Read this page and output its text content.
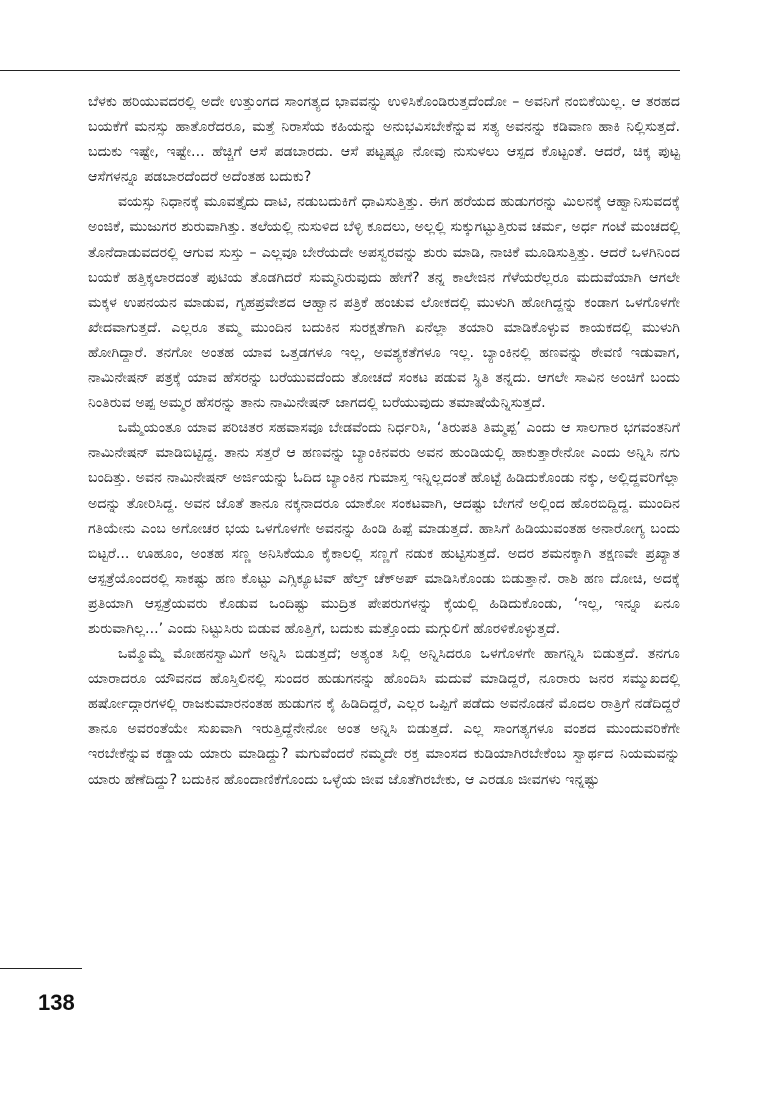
ಬೆಳಕು ಹರಿಯುವದರಲ್ಲಿ ಅದೇ ಉತ್ತುಂಗದ ಸಾಂಗತ್ಯದ ಭಾವವನ್ನು ಉಳಿಸಿಕೊಂಡಿರುತ್ತದೆಂದೋ – ಅವನಿಗೆ ನಂಬಿಕೆಯಿಲ್ಲ. ಆ ತರಹದ ಬಯಕೆಗೆ ಮನಸ್ಸು ಹಾತೊರೆದರೂ, ಮತ್ತೆ ನಿರಾಸೆಯ ಕಹಿಯನ್ನು ಅನುಭವಿಸಬೇಕೆನ್ನುವ ಸತ್ಯ ಅವನನ್ನು ಕಡಿವಾಣ ಹಾಕಿ ನಿಲ್ಲಿಸುತ್ತದೆ. ಬದುಕು ಇಷ್ಟೇ, ಇಷ್ಟೇ... ಹೆಚ್ಚಿಗೆ ಆಸೆ ಪಡಬಾರದು. ಆಸೆ ಪಟ್ಟಷ್ಟೂ ನೋವು ನುಸುಳಲು ಆಸ್ಪದ ಕೊಟ್ಟಂತೆ. ಆದರೆ, ಚಿಕ್ಕ ಪುಟ್ಟ ಆಸೆಗಳನ್ನೂ ಪಡಬಾರದೆಂದರೆ ಅದೆಂತಹ ಬದುಕು?

ವಯಸ್ಸು ನಿಧಾನಕ್ಕೆ ಮೂವತ್ತೈದು ದಾಟಿ, ನಡುಬದುಕಿಗೆ ಧಾವಿಸುತ್ತಿತ್ತು. ಈಗ ಹರೆಯದ ಹುಡುಗರನ್ನು ಮಿಲನಕ್ಕೆ ಆಹ್ವಾನಿಸುವದಕ್ಕೆ ಅಂಜಿಕೆ, ಮುಜುಗರ ಶುರುವಾಗಿತ್ತು. ತಲೆಯಲ್ಲಿ ನುಸುಳಿದ ಬೆಳ್ಳಿ ಕೂದಲು, ಅಲ್ಲಲ್ಲಿ ಸುಕ್ಕುಗಟ್ಟುತ್ತಿರುವ ಚರ್ಮ, ಅರ್ಧ ಗಂಟೆ ಮಂಚದಲ್ಲಿ ತೊನೆದಾಡುವದರಲ್ಲಿ ಆಗುವ ಸುಸ್ತು – ಎಲ್ಲವೂ ಬೇರೆಯದೇ ಅಪಸ್ವರವನ್ನು ಶುರು ಮಾಡಿ, ನಾಚಿಕೆ ಮೂಡಿಸುತ್ತಿತ್ತು. ಆದರೆ ಒಳಗಿನಿಂದ ಬಯಕೆ ಹತ್ತಿಕ್ಕಲಾರದಂತೆ ಪುಟಿಯ ತೊಡಗಿದರೆ ಸುಮ್ಮನಿರುವುದು ಹೇಗೆ? ತನ್ನ ಕಾಲೇಜಿನ ಗೆಳೆಯರೆಲ್ಲರೂ ಮದುವೆಯಾಗಿ ಆಗಲೇ ಮಕ್ಕಳ ಉಪನಯನ ಮಾಡುವ, ಗೃಹಪ್ರವೇಶದ ಆಹ್ವಾನ ಪತ್ರಿಕೆ ಹಂಚುವ ಲೋಕದಲ್ಲಿ ಮುಳುಗಿ ಹೋಗಿದ್ದನ್ನು ಕಂಡಾಗ ಒಳಗೊಳಗೇ ಖೇದವಾಗುತ್ತದೆ. ಎಲ್ಲರೂ ತಮ್ಮ ಮುಂದಿನ ಬದುಕಿನ ಸುರಕ್ಷತೆಗಾಗಿ ಏನೆಲ್ಲಾ ತಯಾರಿ ಮಾಡಿಕೊಳ್ಳುವ ಕಾಯಕದಲ್ಲಿ ಮುಳುಗಿ ಹೋಗಿದ್ದಾರೆ. ತನಗೋ ಅಂತಹ ಯಾವ ಒತ್ತಡಗಳೂ ಇಲ್ಲ, ಅವಶ್ಯಕತೆಗಳೂ ಇಲ್ಲ. ಬ್ಯಾಂಕಿನಲ್ಲಿ ಹಣವನ್ನು ಠೇವಣಿ ಇಡುವಾಗ, ನಾಮಿನೇಷನ್ ಪತ್ರಕ್ಕೆ ಯಾವ ಹೆಸರನ್ನು ಬರೆಯುವದೆಂದು ತೋಚದೆ ಸಂಕಟ ಪಡುವ ಸ್ಥಿತಿ ತನ್ನದು. ಆಗಲೇ ಸಾವಿನ ಅಂಚಿಗೆ ಬಂದು ನಿಂತಿರುವ ಅಪ್ಪ ಅಮ್ಮರ ಹೆಸರನ್ನು ತಾನು ನಾಮಿನೇಷನ್ ಜಾಗದಲ್ಲಿ ಬರೆಯುವುದು ತಮಾಷೆಯೆನ್ನಿಸುತ್ತದೆ.

ಒಮ್ಮೆಯಂತೂ ಯಾವ ಪರಿಚಿತರ ಸಹವಾಸವೂ ಬೇಡವೆಂದು ನಿರ್ಧರಿಸಿ, ‘ತಿರುಪತಿ ತಿಮ್ಮಪ್ಪ’ ಎಂದು ಆ ಸಾಲಗಾರ ಭಗವಂತನಿಗೆ ನಾಮಿನೇಷನ್ ಮಾಡಿಬಿಟ್ಟಿದ್ದ. ತಾನು ಸತ್ತರೆ ಆ ಹಣವನ್ನು ಬ್ಯಾಂಕಿನವರು ಅವನ ಹುಂಡಿಯಲ್ಲಿ ಹಾಕುತ್ತಾರೇನೋ ಎಂದು ಅನ್ನಿಸಿ ನಗು ಬಂದಿತ್ತು. ಅವನ ನಾಮಿನೇಷನ್ ಅರ್ಜಿಯನ್ನು ಓದಿದ ಬ್ಯಾಂಕಿನ ಗುಮಾಸ್ತ ಇನ್ನಿಲ್ಲದಂತೆ ಹೊಟ್ಟೆ ಹಿಡಿದುಕೊಂಡು ನಕ್ಕು, ಅಲ್ಲಿದ್ದವರಿಗೆಲ್ಲಾ ಅದನ್ನು ತೋರಿಸಿದ್ದ. ಅವನ ಜೊತೆ ತಾನೂ ನಕ್ಕನಾದರೂ ಯಾಕೋ ಸಂಕಟವಾಗಿ, ಆದಷ್ಟು ಬೇಗನೆ ಅಲ್ಲಿಂದ ಹೊರಬಿದ್ದಿದ್ದ. ಮುಂದಿನ ಗತಿಯೇನು ಎಂಬ ಅಗೋಚರ ಭಯ ಒಳಗೊಳಗೇ ಅವನನ್ನು ಹಿಂಡಿ ಹಿಪ್ಪೆ ಮಾಡುತ್ತದೆ. ಹಾಸಿಗೆ ಹಿಡಿಯುವಂತಹ ಅನಾರೋಗ್ಯ ಬಂದು ಬಿಟ್ಟರೆ... ಊಹೂಂ, ಅಂತಹ ಸಣ್ಣ ಅನಿಸಿಕೆಯೂ ಕೈಕಾಲಲ್ಲಿ ಸಣ್ಣಗೆ ನಡುಕ ಹುಟ್ಟಿಸುತ್ತದೆ. ಅದರ ಶಮನಕ್ಕಾಗಿ ತಕ್ಷಣವೇ ಪ್ರಖ್ಯಾತ ಆಸ್ಪತ್ರೆಯೊಂದರಲ್ಲಿ ಸಾಕಷ್ಟು ಹಣ ಕೊಟ್ಟು ಎಗ್ಸಿಕ್ಯೂಟಿವ್ ಹೆಲ್ತ್ ಚೆಕ್‌ಅಪ್ ಮಾಡಿಸಿಕೊಂಡು ಬಿಡುತ್ತಾನೆ. ರಾಶಿ ಹಣ ದೋಚಿ, ಅದಕ್ಕೆ ಪ್ರತಿಯಾಗಿ ಆಸ್ಪತ್ರೆಯವರು ಕೊಡುವ ಒಂದಿಷ್ಟು ಮುದ್ರಿತ ಪೇಪರುಗಳನ್ನು ಕೈಯಲ್ಲಿ ಹಿಡಿದುಕೊಂಡು, ‘ಇಲ್ಲ, ಇನ್ನೂ ಏನೂ ಶುರುವಾಗಿಲ್ಲ...’ ಎಂದು ನಿಟ್ಟುಸಿರು ಬಿಡುವ ಹೊತ್ತಿಗೆ, ಬದುಕು ಮತ್ತೊಂದು ಮಗ್ಗುಲಿಗೆ ಹೊರಳಿಕೊಳ್ಳುತ್ತದೆ.

ಒಮ್ಮೊಮ್ಮೆ ಮೋಹನಸ್ವಾಮಿಗೆ ಅನ್ನಿಸಿ ಬಿಡುತ್ತದೆ; ಅತ್ಯಂತ ಸಿಲ್ಲಿ ಅನ್ನಿಸಿದರೂ ಒಳಗೊಳಗೇ ಹಾಗನ್ನಿಸಿ ಬಿಡುತ್ತದೆ. ತನಗೂ ಯಾರಾದರೂ ಯೌವನದ ಹೊಸ್ತಿಲಿನಲ್ಲಿ ಸುಂದರ ಹುಡುಗನನ್ನು ಹೊಂದಿಸಿ ಮದುವೆ ಮಾಡಿದ್ದರೆ, ನೂರಾರು ಜನರ ಸಮ್ಮುಖದಲ್ಲಿ ಹರ್ಷೋದ್ಗಾರಗಳಲ್ಲಿ ರಾಜಕುಮಾರನಂತಹ ಹುಡುಗನ ಕೈ ಹಿಡಿದಿದ್ದರೆ, ಎಲ್ಲರ ಒಪ್ಪಿಗೆ ಪಡೆದು ಅವನೊಡನೆ ಮೊದಲ ರಾತ್ರಿಗೆ ನಡೆದಿದ್ದರೆ ತಾನೂ ಅವರಂತೆಯೇ ಸುಖವಾಗಿ ಇರುತ್ತಿದ್ದೆನೇನೋ ಅಂತ ಅನ್ನಿಸಿ ಬಿಡುತ್ತದೆ. ಎಲ್ಲ ಸಾಂಗತ್ಯಗಳೂ ವಂಶದ ಮುಂದುವರಿಕೆಗೇ ಇರಬೇಕೆನ್ನುವ ಕಡ್ಡಾಯ ಯಾರು ಮಾಡಿದ್ದು? ಮಗುವೆಂದರೆ ನಮ್ಮದೇ ರಕ್ತ ಮಾಂಸದ ಕುಡಿಯಾಗಿರಬೇಕೆಂಬ ಸ್ವಾರ್ಥದ ನಿಯಮವನ್ನು ಯಾರು ಹೆಣೆದಿದ್ದು? ಬದುಕಿನ ಹೊಂದಾಣಿಕೆಗೊಂದು ಒಳ್ಳೆಯ ಜೀವ ಜೊತೆಗಿರಬೇಕು, ಆ ಎರಡೂ ಜೀವಗಳು ಇನ್ನಷ್ಟು

138
